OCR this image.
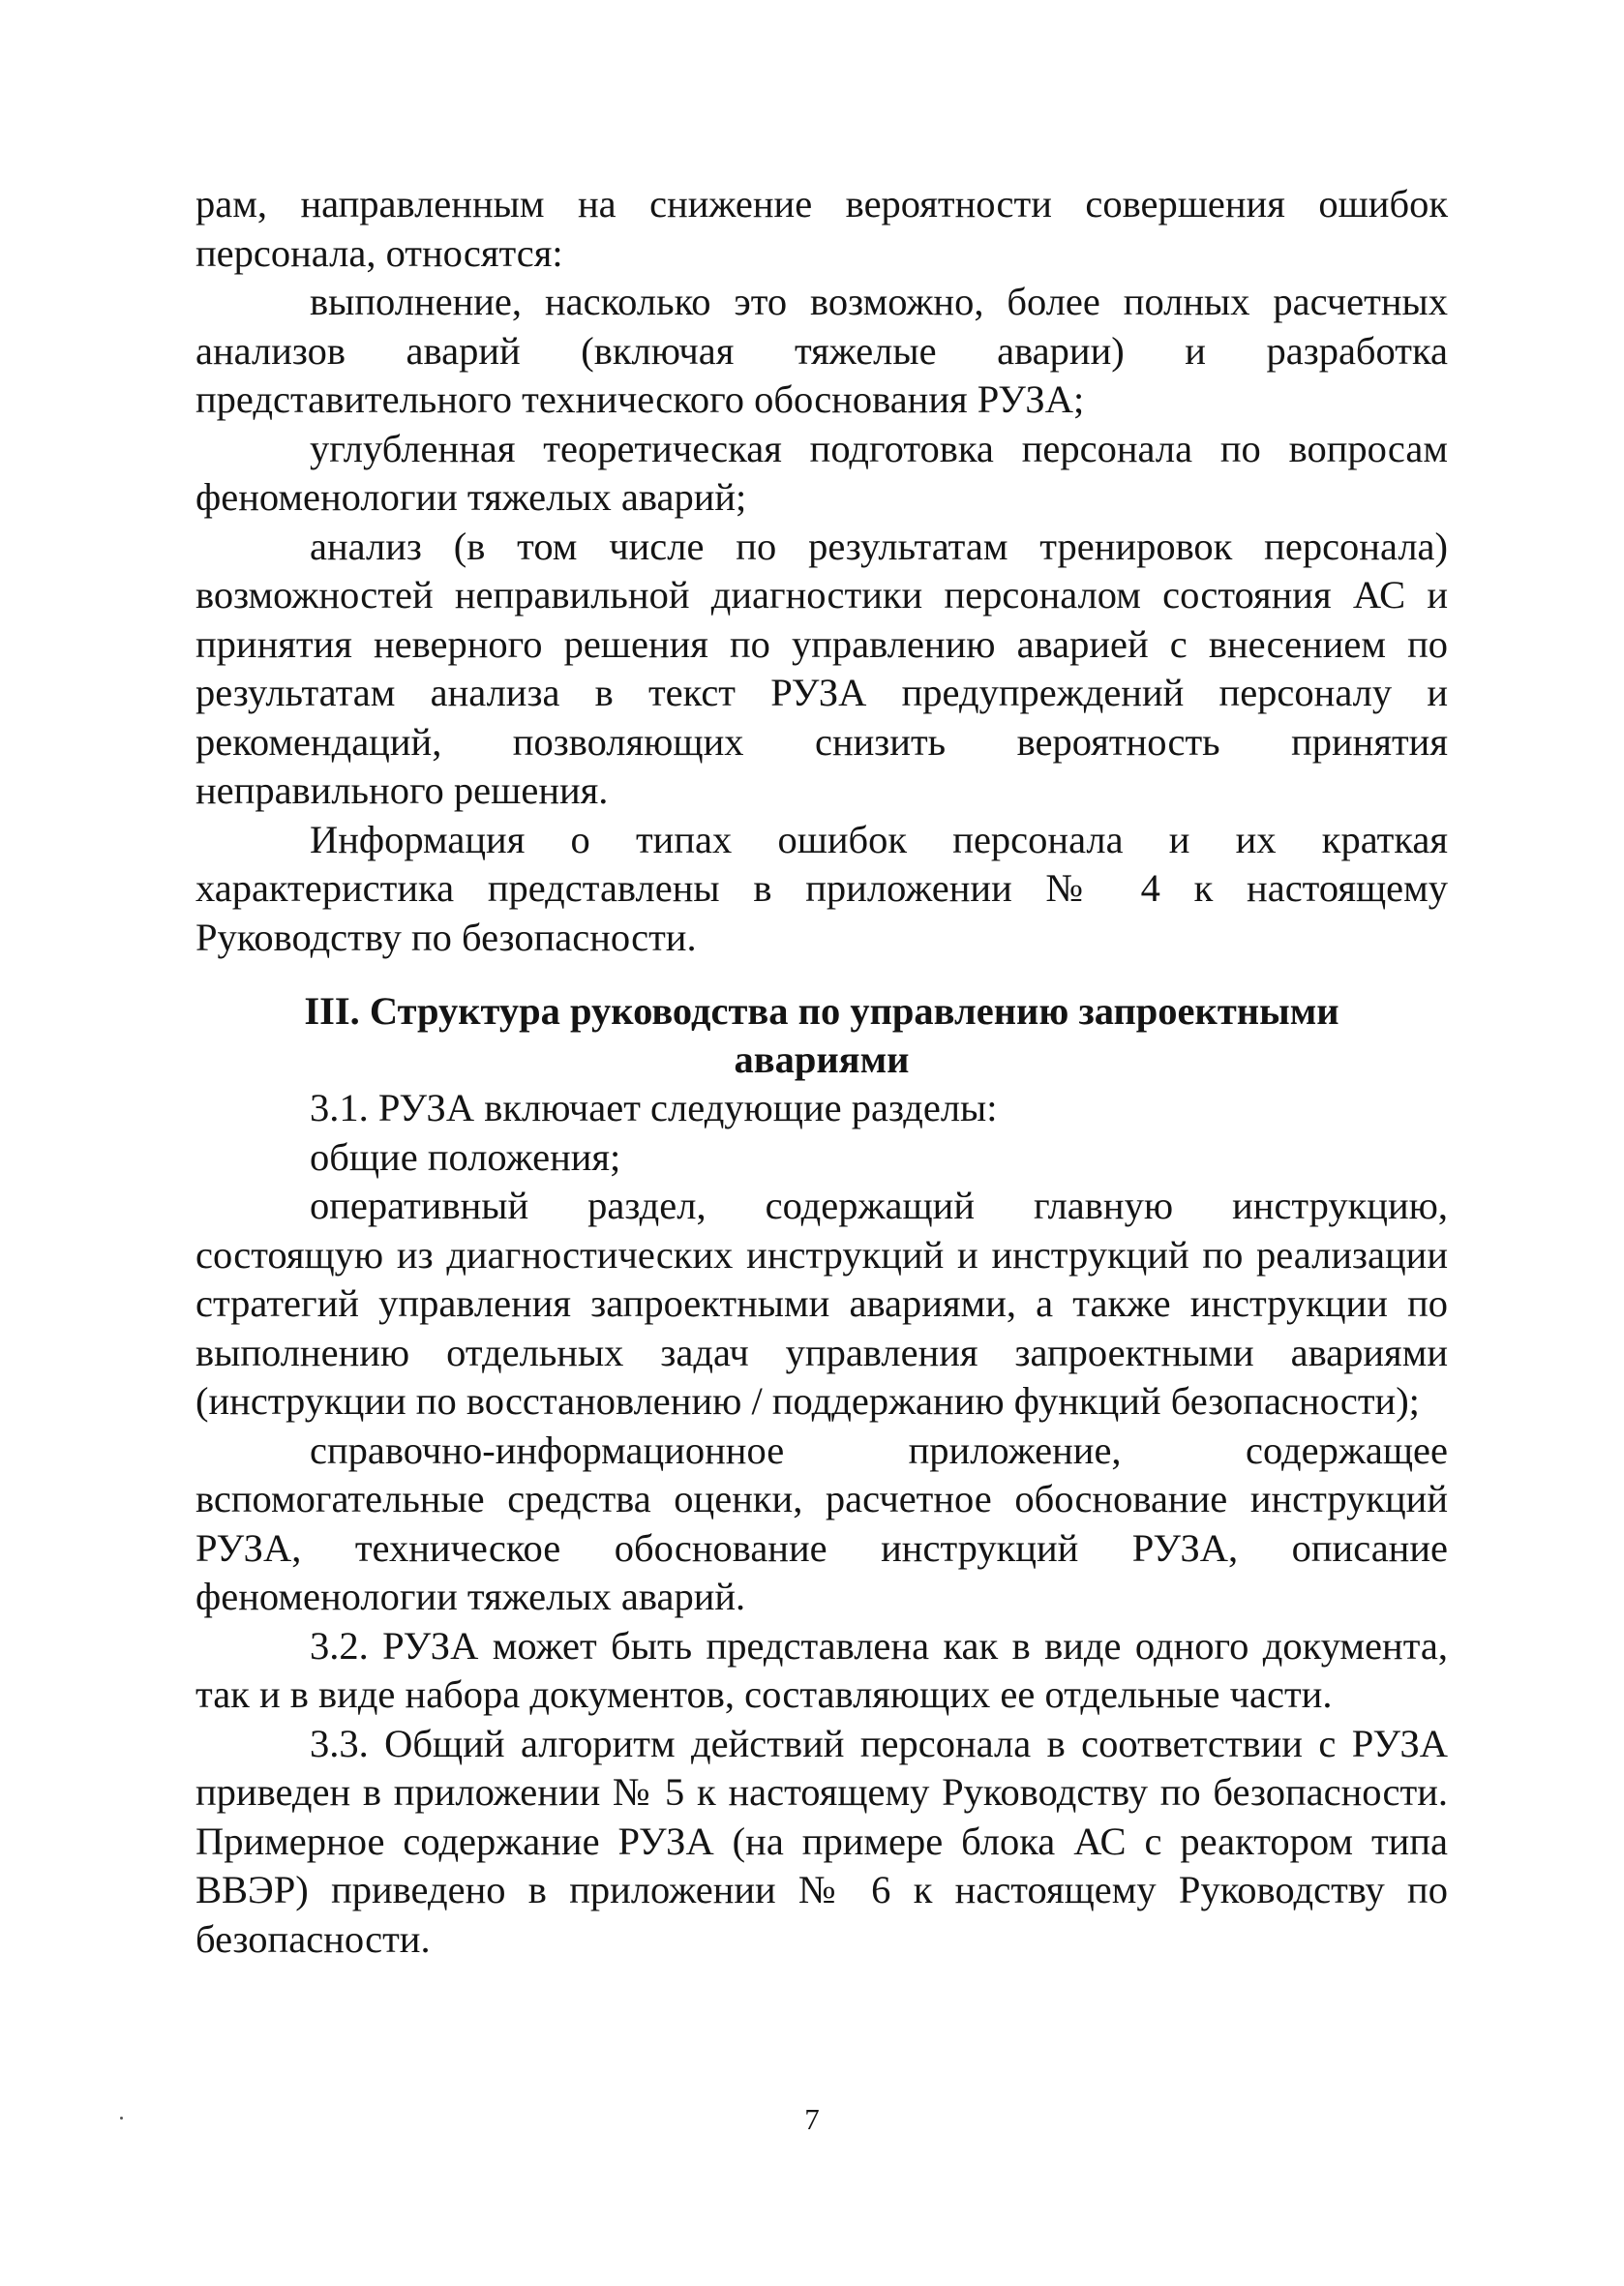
рам, направленным на снижение вероятности совершения ошибок персонала, относятся:

выполнение, насколько это возможно, более полных расчетных анализов аварий (включая тяжелые аварии) и разработка представительного технического обоснования РУЗА;

углубленная теоретическая подготовка персонала по вопросам феноменологии тяжелых аварий;

анализ (в том числе по результатам тренировок персонала) возможностей неправильной диагностики персоналом состояния АС и принятия неверного решения по управлению аварией с внесением по результатам анализа в текст РУЗА предупреждений персоналу и рекомендаций, позволяющих снизить вероятность принятия неправильного решения.

Информация о типах ошибок персонала и их краткая характеристика представлены в приложении № 4 к настоящему Руководству по безопасности.

III. Структура руководства по управлению запроектными
авариями

3.1. РУЗА включает следующие разделы:

общие положения;

оперативный раздел, содержащий главную инструкцию, состоящую из диагностических инструкций и инструкций по реализации стратегий управления запроектными авариями, а также инструкции по выполнению отдельных задач управления запроектными авариями (инструкции по восстановлению / поддержанию функций безопасности);

справочно-информационное приложение, содержащее вспомогательные средства оценки, расчетное обоснование инструкций РУЗА, техническое обоснование инструкций РУЗА, описание феноменологии тяжелых аварий.

3.2. РУЗА может быть представлена как в виде одного документа, так и в виде набора документов, составляющих ее отдельные части.

3.3. Общий алгоритм действий персонала в соответствии с РУЗА приведен в приложении № 5 к настоящему Руководству по безопасности. Примерное содержание РУЗА (на примере блока АС с реактором типа ВВЭР) приведено в приложении № 6 к настоящему Руководству по безопасности.

7
